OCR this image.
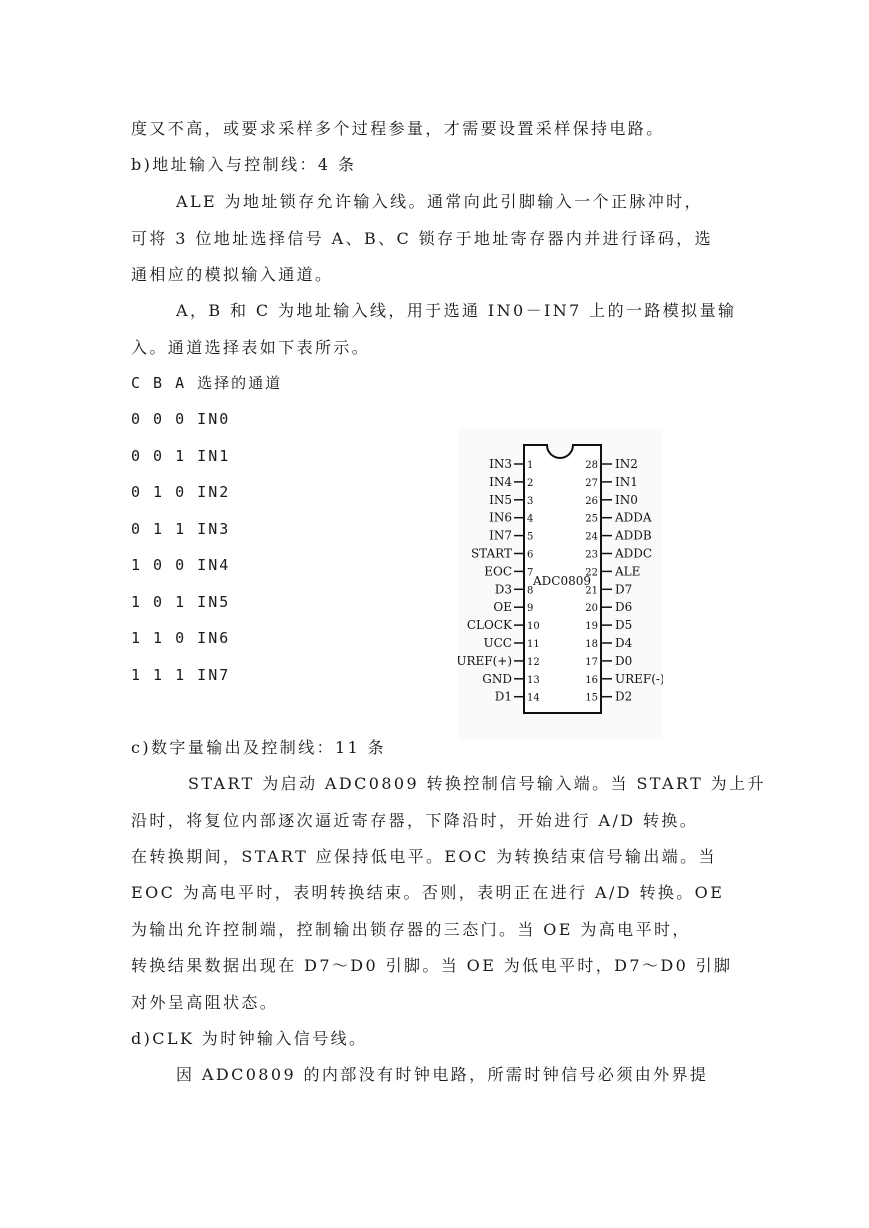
度又不高，或要求采样多个过程参量，才需要设置采样保持电路。
b)地址输入与控制线：4 条
ALE 为地址锁存允许输入线。通常向此引脚输入一个正脉冲时，
可将 3 位地址选择信号 A、B、C 锁存于地址寄存器内并进行译码，选
通相应的模拟输入通道。
A，B 和 C 为地址输入线，用于选通 IN0－IN7 上的一路模拟量输
入。通道选择表如下表所示。
C B A 选择的通道
0 0 0 IN0
0 0 1 IN1
0 1 0 IN2
0 1 1 IN3
1 0 0 IN4
1 0 1 IN5
1 1 0 IN6
1 1 1 IN7
ADC0809
IN3 1
IN4 2
IN5 3
IN6 4
IN7 5
START 6
EOC 7
D3 8
OE 9
CLOCK 10
UCC 11
UREF(+) 12
GND 13
D1 14
28 IN2
27 IN1
26 IN0
25 ADDA
24 ADDB
23 ADDC
22 ALE
21 D7
20 D6
19 D5
18 D4
17 D0
16 UREF(-)
15 D2
c)数字量输出及控制线：11 条
START 为启动 ADC0809 转换控制信号输入端。当 START 为上升
沿时，将复位内部逐次逼近寄存器，下降沿时，开始进行 A/D 转换。
在转换期间，START 应保持低电平。EOC 为转换结束信号输出端。当
EOC 为高电平时，表明转换结束。否则，表明正在进行 A/D 转换。OE
为输出允许控制端，控制输出锁存器的三态门。当 OE 为高电平时，
转换结果数据出现在 D7～D0 引脚。当 OE 为低电平时，D7～D0 引脚
对外呈高阻状态。
d)CLK 为时钟输入信号线。
因 ADC0809 的内部没有时钟电路，所需时钟信号必须由外界提
